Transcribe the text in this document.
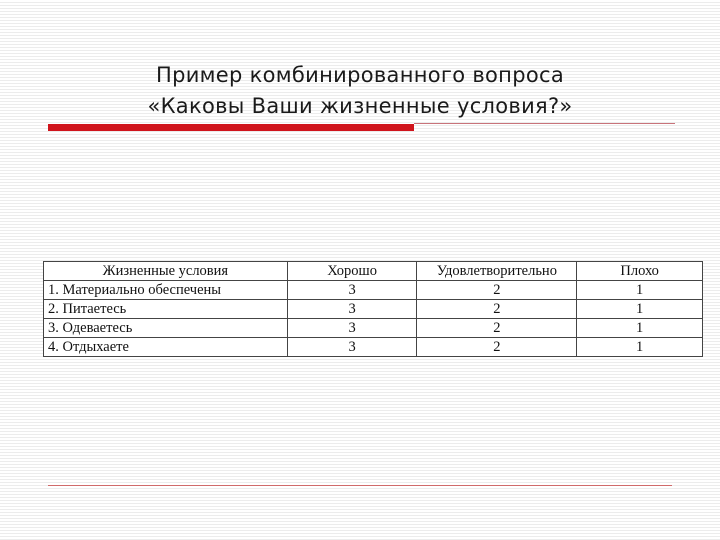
Пример комбинированного вопроса
«Каковы Ваши жизненные условия?»
Жизненные условия	Хорошо	Удовлетворительно	Плохо
1. Материально обеспечены	3	2	1
2. Питаетесь	3	2	1
3. Одеваетесь	3	2	1
4. Отдыхаете	3	2	1
